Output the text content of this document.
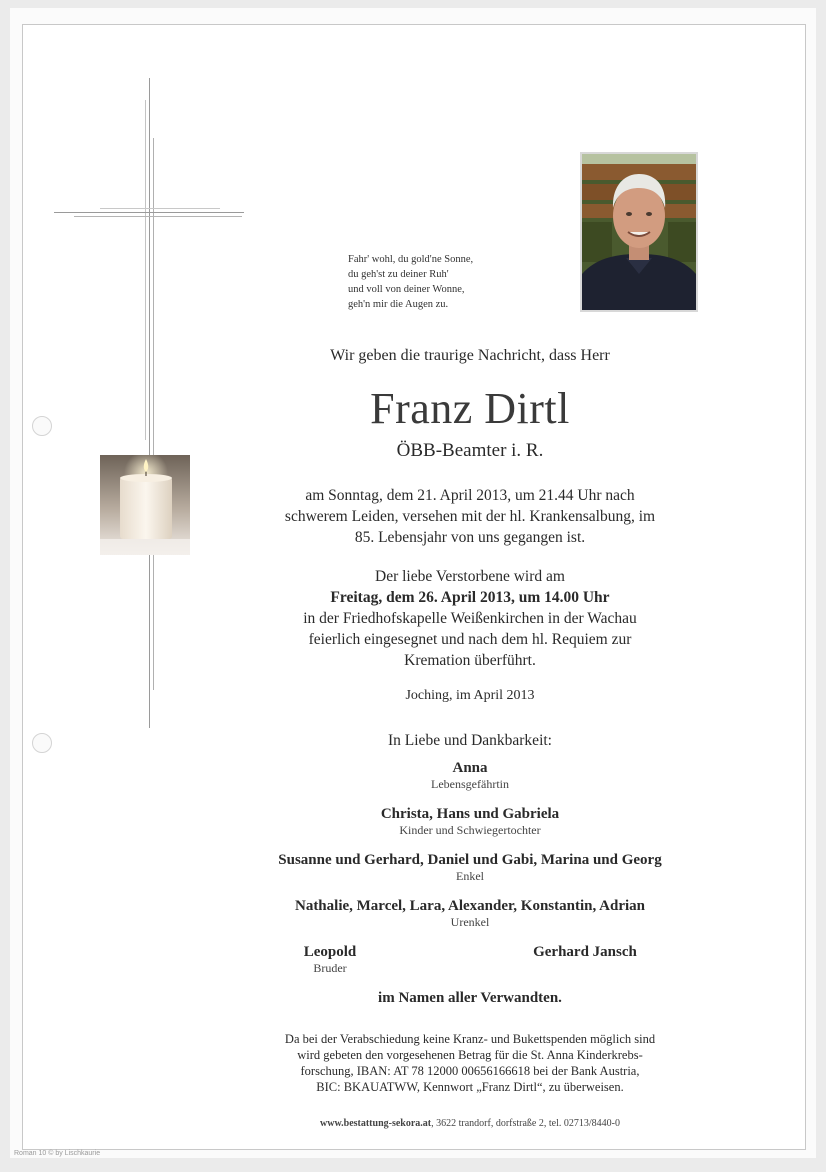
Fahr' wohl, du gold'ne Sonne,
du geh'st zu deiner Ruh'
und voll von deiner Wonne,
geh'n mir die Augen zu.
Wir geben die traurige Nachricht, dass Herr
Franz Dirtl
ÖBB-Beamter i. R.
am Sonntag, dem 21. April 2013, um 21.44 Uhr nach
schwerem Leiden, versehen mit der hl. Krankensalbung, im
85. Lebensjahr von uns gegangen ist.
Der liebe Verstorbene wird am
Freitag, dem 26. April 2013, um 14.00 Uhr
in der Friedhofskapelle Weißenkirchen in der Wachau
feierlich eingesegnet und nach dem hl. Requiem zur
Kremation überführt.
Joching, im April 2013
In Liebe und Dankbarkeit:
Anna
Lebensgefährtin
Christa, Hans und Gabriela
Kinder und Schwiegertochter
Susanne und Gerhard, Daniel und Gabi, Marina und Georg
Enkel
Nathalie, Marcel, Lara, Alexander, Konstantin, Adrian
Urenkel
Leopold
Bruder
Gerhard Jansch
im Namen aller Verwandten.
Da bei der Verabschiedung keine Kranz- und Bukettspenden möglich sind
wird gebeten den vorgesehenen Betrag für die St. Anna Kinderkrebs-
forschung, IBAN: AT 78 12000 00656166618 bei der Bank Austria,
BIC: BKAUATWW, Kennwort „Franz Dirtl“, zu überweisen.
www.bestattung-sekora.at, 3622 trandorf, dorfstraße 2, tel. 02713/8440-0
Roman 10 © by Lischkaurie
